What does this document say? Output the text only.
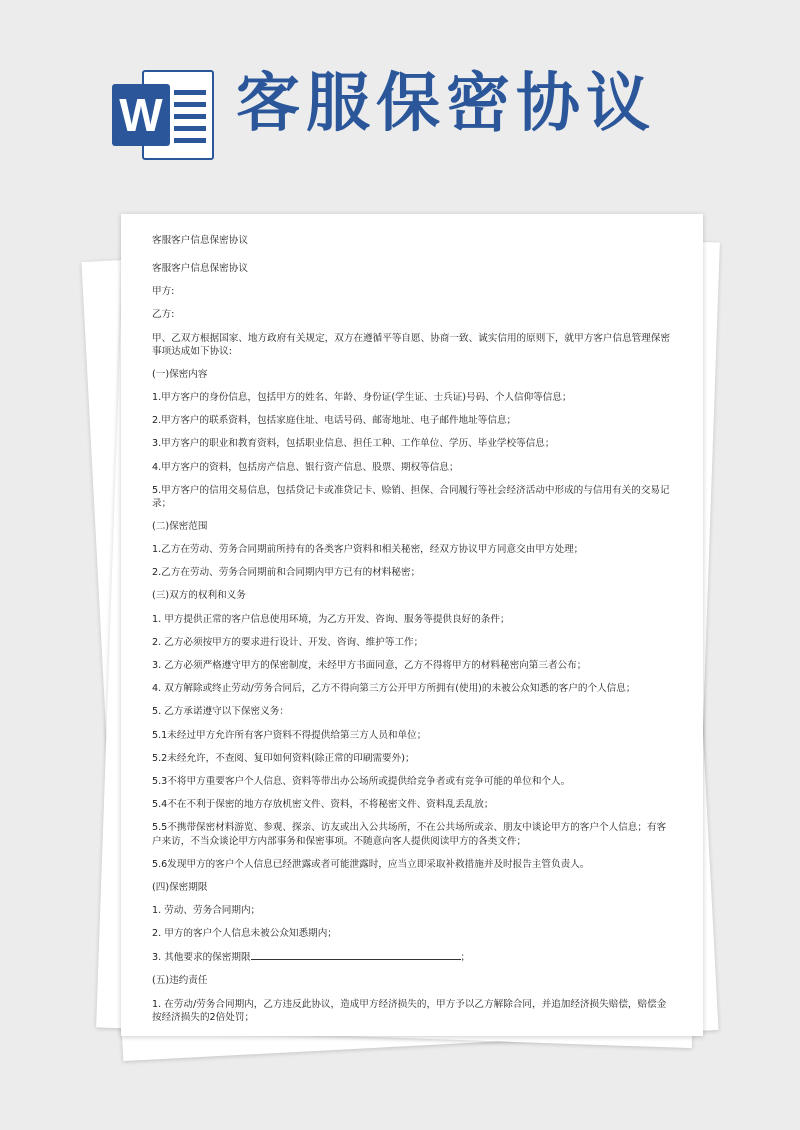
W 客服保密协议

客服客户信息保密协议

客服客户信息保密协议

甲方:

乙方:

甲、乙双方根据国家、地方政府有关规定，双方在遵循平等自愿、协商一致、诚实信用的原则下，就甲方客户信息管理保密事项达成如下协议:

(一)保密内容

1.甲方客户的身份信息，包括甲方的姓名、年龄、身份证(学生证、士兵证)号码、个人信仰等信息；

2.甲方客户的联系资料，包括家庭住址、电话号码、邮寄地址、电子邮件地址等信息；

3.甲方客户的职业和教育资料，包括职业信息、担任工种、工作单位、学历、毕业学校等信息；

4.甲方客户的资料，包括房产信息、银行资产信息、股票、期权等信息；

5.甲方客户的信用交易信息，包括贷记卡或准贷记卡、赊销、担保、合同履行等社会经济活动中形成的与信用有关的交易记录；

(二)保密范围

1.乙方在劳动、劳务合同期前所持有的各类客户资料和相关秘密，经双方协议甲方同意交由甲方处理；

2.乙方在劳动、劳务合同期前和合同期内甲方已有的材料秘密；

(三)双方的权利和义务

1. 甲方提供正常的客户信息使用环境，为乙方开发、咨询、服务等提供良好的条件；

2. 乙方必须按甲方的要求进行设计、开发、咨询、维护等工作；

3. 乙方必须严格遵守甲方的保密制度，未经甲方书面同意，乙方不得将甲方的材料秘密向第三者公布；

4. 双方解除或终止劳动/劳务合同后，乙方不得向第三方公开甲方所拥有(使用)的未被公众知悉的客户的个人信息；

5. 乙方承诺遵守以下保密义务：

5.1未经过甲方允许所有客户资料不得提供给第三方人员和单位；

5.2未经允许，不查阅、复印如何资料(除正常的印刷需要外)；

5.3不将甲方重要客户个人信息、资料等带出办公场所或提供给竞争者或有竞争可能的单位和个人。

5.4不在不利于保密的地方存放机密文件、资料，不将秘密文件、资料乱丢乱放；

5.5不携带保密材料游览、参观、探亲、访友或出入公共场所，不在公共场所或亲、朋友中谈论甲方的客户个人信息；有客户来访，不当众谈论甲方内部事务和保密事项。不随意向客人提供阅读甲方的各类文件；

5.6发现甲方的客户个人信息已经泄露或者可能泄露时，应当立即采取补救措施并及时报告主管负责人。

(四)保密期限

1. 劳动、劳务合同期内；

2. 甲方的客户个人信息未被公众知悉期内；

3. 其他要求的保密期限	；

(五)违约责任

1. 在劳动/劳务合同期内，乙方违反此协议，造成甲方经济损失的，甲方予以乙方解除合同，并追加经济损失赔偿，赔偿金按经济损失的2倍处罚；
